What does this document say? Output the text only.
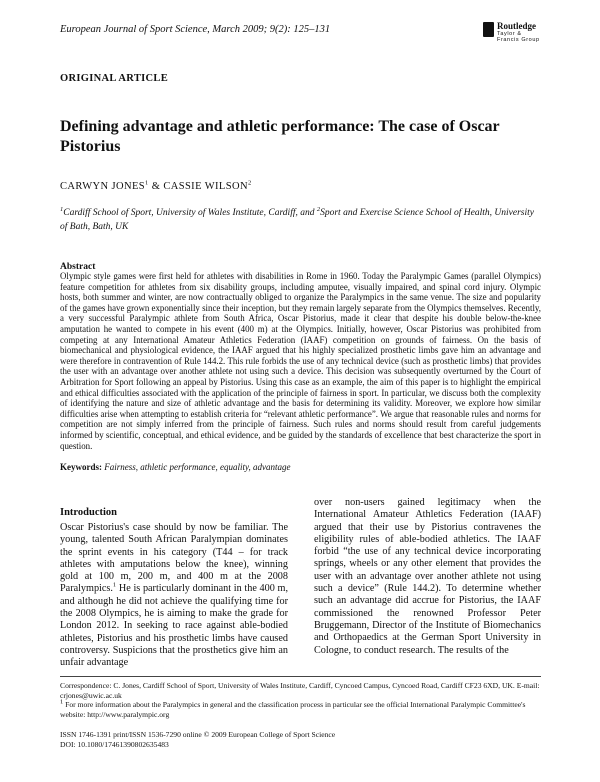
European Journal of Sport Science, March 2009; 9(2): 125–131	Routledge
Taylor & Francis Group
ORIGINAL ARTICLE
Defining advantage and athletic performance: The case of Oscar Pistorius
CARWYN JONES$^1$ & CASSIE WILSON$^2$
$^1$Cardiff School of Sport, University of Wales Institute, Cardiff, and $^2$Sport and Exercise Science School of Health, University of Bath, Bath, UK
Abstract

Olympic style games were first held for athletes with disabilities in Rome in 1960. Today the Paralympic Games (parallel Olympics) feature competition for athletes from six disability groups, including amputee, visually impaired, and spinal cord injury. Olympic hosts, both summer and winter, are now contractually obliged to organize the Paralympics in the same venue. The size and popularity of the games have grown exponentially since their inception, but they remain largely separate from the Olympics themselves. Recently, a very successful Paralympic athlete from South Africa, Oscar Pistorius, made it clear that despite his double below-the-knee amputation he wanted to compete in his event (400 m) at the Olympics. Initially, however, Oscar Pistorius was prohibited from competing at any International Amateur Athletics Federation (IAAF) competition on grounds of fairness. On the basis of biomechanical and physiological evidence, the IAAF argued that his highly specialized prosthetic limbs gave him an advantage and were therefore in contravention of Rule 144.2. This rule forbids the use of any technical device (such as prosthetic limbs) that provides the user with an advantage over another athlete not using such a device. This decision was subsequently overturned by the Court of Arbitration for Sport following an appeal by Pistorius. Using this case as an example, the aim of this paper is to highlight the empirical and ethical difficulties associated with the application of the principle of fairness in sport. In particular, we discuss both the complexity of identifying the nature and size of athletic advantage and the basis for determining its validity. Moreover, we explore how similar difficulties arise when attempting to establish criteria for “relevant athletic performance”. We argue that reasonable rules and norms for competition are not simply inferred from the principle of fairness. Such rules and norms should result from careful judgements informed by scientific, conceptual, and ethical evidence, and be guided by the standards of excellence that best characterize the sport in question.

Keywords: Fairness, athletic performance, equality, advantage
Introduction

Oscar Pistorius's case should by now be familiar. The young, talented South African Paralympian dominates the sprint events in his category (T44 – for track athletes with amputations below the knee), winning gold at 100 m, 200 m, and 400 m at the 2008 Paralympics.$^1$ He is particularly dominant in the 400 m, and although he did not achieve the qualifying time for the 2008 Olympics, he is aiming to make the grade for London 2012. In seeking to race against able-bodied athletes, Pistorius and his prosthetic limbs have caused controversy. Suspicions that the prosthetics give him an unfair advantage

over non-users gained legitimacy when the International Amateur Athletics Federation (IAAF) argued that their use by Pistorius contravenes the eligibility rules of able-bodied athletics. The IAAF forbid “the use of any technical device incorporating springs, wheels or any other element that provides the user with an advantage over another athlete not using such a device” (Rule 144.2). To determine whether such an advantage did accrue for Pistorius, the IAAF commissioned the renowned Professor Peter Bruggemann, Director of the Institute of Biomechanics and Orthopaedics at the German Sport University in Cologne, to conduct research. The results of the

Correspondence: C. Jones, Cardiff School of Sport, University of Wales Institute, Cardiff, Cyncoed Campus, Cyncoed Road, Cardiff CF23 6XD, UK. E-mail: crjones@uwic.ac.uk

$^1$ For more information about the Paralympics in general and the classification process in particular see the official International Paralympic Committee's website: http://www.paralympic.org

ISSN 1746-1391 print/ISSN 1536-7290 online © 2009 European College of Sport Science
DOI: 10.1080/17461390802635483
